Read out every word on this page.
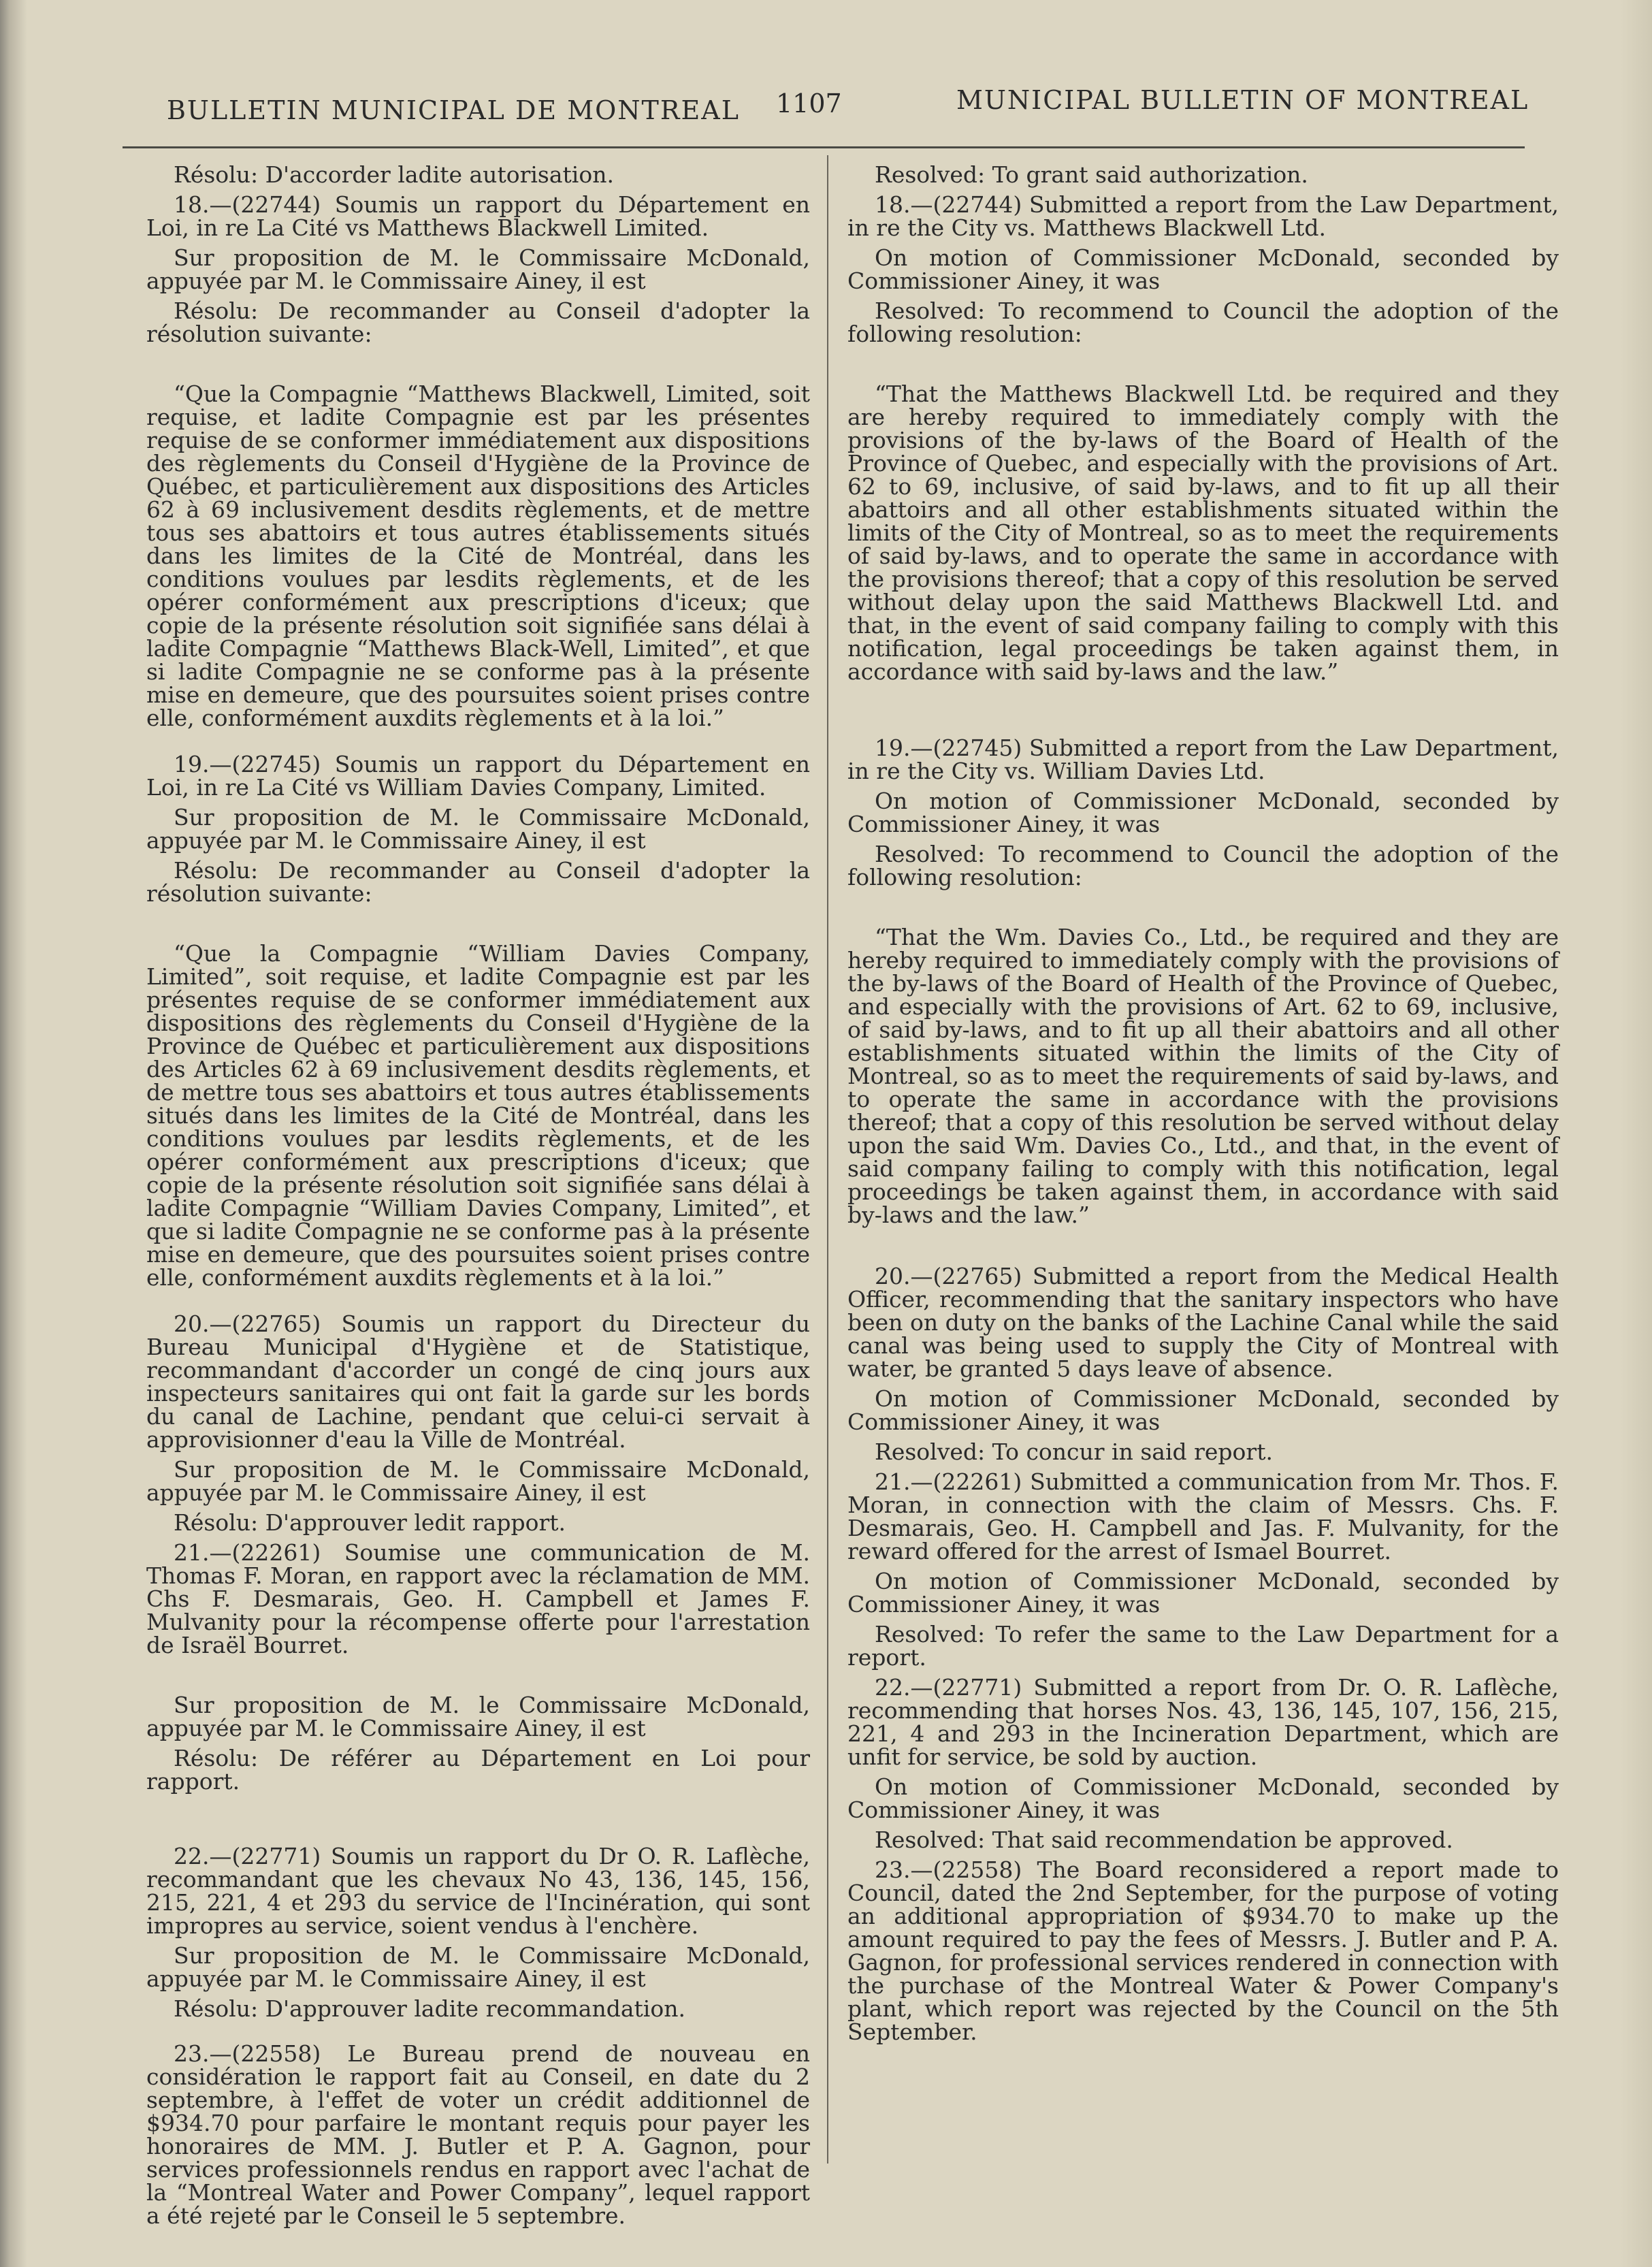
BULLETIN MUNICIPAL DE MONTREAL 1107	MUNICIPAL BULLETIN OF MONTREAL

Résolu: D'accorder ladite autorisation.

18.—(22744) Soumis un rapport du Département en Loi, in re La Cité vs Matthews Blackwell Limited.

Sur proposition de M. le Commissaire McDonald, appuyée par M. le Commissaire Ainey, il est

Résolu: De recommander au Conseil d'adopter la résolution suivante:

“Que la Compagnie “Matthews Blackwell, Limited, soit requise, et ladite Compagnie est par les présentes requise de se conformer immédiatement aux dispositions des règlements du Conseil d'Hygiène de la Province de Québec, et particulièrement aux dispositions des Articles 62 à 69 inclusivement desdits règlements, et de mettre tous ses abattoirs et tous autres établissements situés dans les limites de la Cité de Montréal, dans les conditions voulues par lesdits règlements, et de les opérer conformément aux prescriptions d'iceux; que copie de la présente résolution soit signifiée sans délai à ladite Compagnie “Matthews Black-Well, Limited”, et que si ladite Compagnie ne se conforme pas à la présente mise en demeure, que des poursuites soient prises contre elle, conformément auxdits règlements et à la loi.”

19.—(22745) Soumis un rapport du Département en Loi, in re La Cité vs William Davies Company, Limited.

Sur proposition de M. le Commissaire McDonald, appuyée par M. le Commissaire Ainey, il est

Résolu: De recommander au Conseil d'adopter la résolution suivante:

“Que la Compagnie “William Davies Company, Limited”, soit requise, et ladite Compagnie est par les présentes requise de se conformer immédiatement aux dispositions des règlements du Conseil d'Hygiène de la Province de Québec et particulièrement aux dispositions des Articles 62 à 69 inclusivement desdits règlements, et de mettre tous ses abattoirs et tous autres établissements situés dans les limites de la Cité de Montréal, dans les conditions voulues par lesdits règlements, et de les opérer conformément aux prescriptions d'iceux; que copie de la présente résolution soit signifiée sans délai à ladite Compagnie “William Davies Company, Limited”, et que si ladite Compagnie ne se conforme pas à la présente mise en demeure, que des poursuites soient prises contre elle, conformément auxdits règlements et à la loi.”

20.—(22765) Soumis un rapport du Directeur du Bureau Municipal d'Hygiène et de Statistique, recommandant d'accorder un congé de cinq jours aux inspecteurs sanitaires qui ont fait la garde sur les bords du canal de Lachine, pendant que celui-ci servait à approvisionner d'eau la Ville de Montréal.

Sur proposition de M. le Commissaire McDonald, appuyée par M. le Commissaire Ainey, il est

Résolu: D'approuver ledit rapport.

21.—(22261) Soumise une communication de M. Thomas F. Moran, en rapport avec la réclamation de MM. Chs F. Desmarais, Geo. H. Campbell et James F. Mulvanity pour la récompense offerte pour l'arrestation de Israël Bourret.

Sur proposition de M. le Commissaire McDonald, appuyée par M. le Commissaire Ainey, il est

Résolu: De référer au Département en Loi pour rapport.

22.—(22771) Soumis un rapport du Dr O. R. Laflèche, recommandant que les chevaux No 43, 136, 145, 156, 215, 221, 4 et 293 du service de l'Incinération, qui sont impropres au service, soient vendus à l'enchère.

Sur proposition de M. le Commissaire McDonald, appuyée par M. le Commissaire Ainey, il est

Résolu: D'approuver ladite recommandation.

23.—(22558) Le Bureau prend de nouveau en considération le rapport fait au Conseil, en date du 2 septembre, à l'effet de voter un crédit additionnel de $934.70 pour parfaire le montant requis pour payer les honoraires de MM. J. Butler et P. A. Gagnon, pour services professionnels rendus en rapport avec l'achat de la “Montreal Water and Power Company”, lequel rapport a été rejeté par le Conseil le 5 septembre.

Resolved: To grant said authorization.

18.—(22744) Submitted a report from the Law Department, in re the City vs. Matthews Blackwell Ltd.

On motion of Commissioner McDonald, seconded by Commissioner Ainey, it was

Resolved: To recommend to Council the adoption of the following resolution:

“That the Matthews Blackwell Ltd. be required and they are hereby required to immediately comply with the provisions of the by-laws of the Board of Health of the Province of Quebec, and especially with the provisions of Art. 62 to 69, inclusive, of said by-laws, and to fit up all their abattoirs and all other establishments situated within the limits of the City of Montreal, so as to meet the requirements of said by-laws, and to operate the same in accordance with the provisions thereof; that a copy of this resolution be served without delay upon the said Matthews Blackwell Ltd. and that, in the event of said company failing to comply with this notification, legal proceedings be taken against them, in accordance with said by-laws and the law.”

19.—(22745) Submitted a report from the Law Department, in re the City vs. William Davies Ltd.

On motion of Commissioner McDonald, seconded by Commissioner Ainey, it was

Resolved: To recommend to Council the adoption of the following resolution:

“That the Wm. Davies Co., Ltd., be required and they are hereby required to immediately comply with the provisions of the by-laws of the Board of Health of the Province of Quebec, and especially with the provisions of Art. 62 to 69, inclusive, of said by-laws, and to fit up all their abattoirs and all other establishments situated within the limits of the City of Montreal, so as to meet the requirements of said by-laws, and to operate the same in accordance with the provisions thereof; that a copy of this resolution be served without delay upon the said Wm. Davies Co., Ltd., and that, in the event of said company failing to comply with this notification, legal proceedings be taken against them, in accordance with said by-laws and the law.”

20.—(22765) Submitted a report from the Medical Health Officer, recommending that the sanitary inspectors who have been on duty on the banks of the Lachine Canal while the said canal was being used to supply the City of Montreal with water, be granted 5 days leave of absence.

On motion of Commissioner McDonald, seconded by Commissioner Ainey, it was

Resolved: To concur in said report.

21.—(22261) Submitted a communication from Mr. Thos. F. Moran, in connection with the claim of Messrs. Chs. F. Desmarais, Geo. H. Campbell and Jas. F. Mulvanity, for the reward offered for the arrest of Ismael Bourret.

On motion of Commissioner McDonald, seconded by Commissioner Ainey, it was

Resolved: To refer the same to the Law Department for a report.

22.—(22771) Submitted a report from Dr. O. R. Laflèche, recommending that horses Nos. 43, 136, 145, 107, 156, 215, 221, 4 and 293 in the Incineration Department, which are unfit for service, be sold by auction.

On motion of Commissioner McDonald, seconded by Commissioner Ainey, it was

Resolved: That said recommendation be approved.

23.—(22558) The Board reconsidered a report made to Council, dated the 2nd September, for the purpose of voting an additional appropriation of $934.70 to make up the amount required to pay the fees of Messrs. J. Butler and P. A. Gagnon, for professional services rendered in connection with the purchase of the Montreal Water & Power Company's plant, which report was rejected by the Council on the 5th September.
